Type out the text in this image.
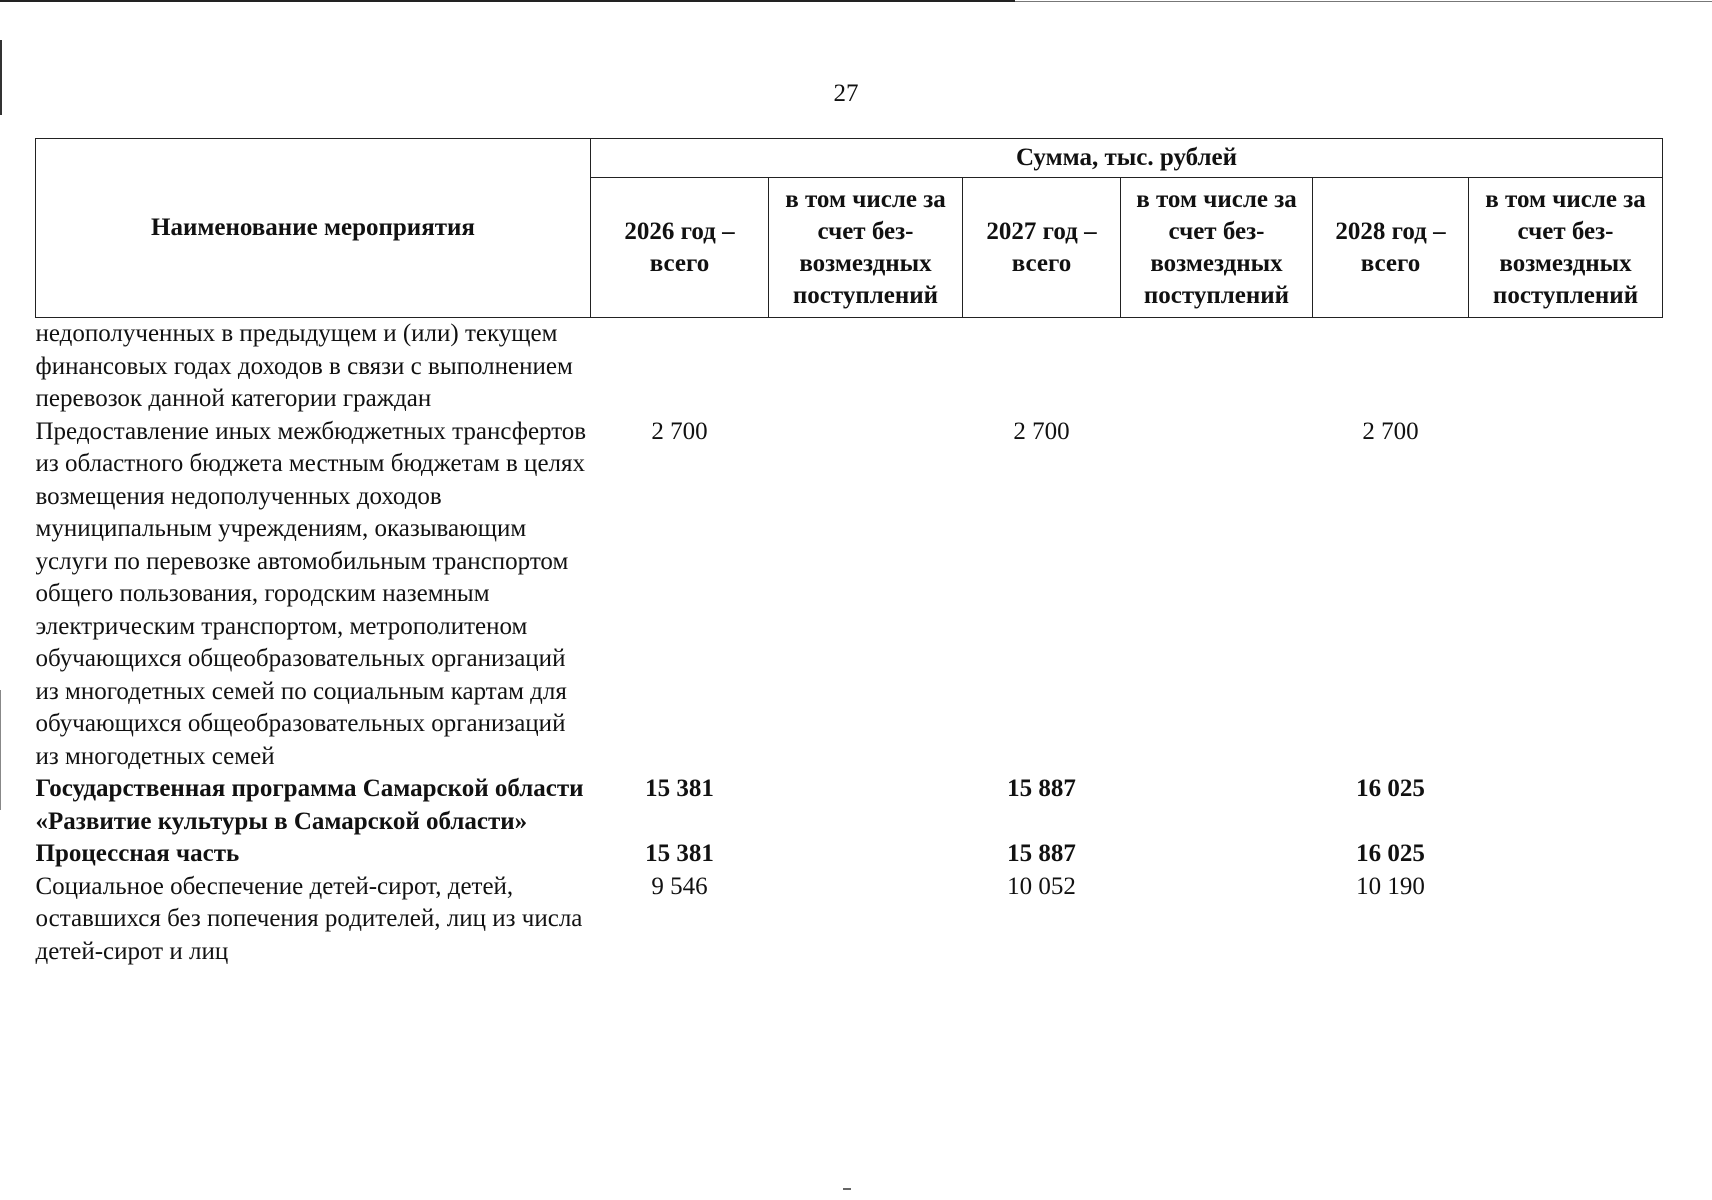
27
Наименование мероприятия	Сумма, тыс. рублей					
	2026 год – всего	в том числе за счет без-возмездных поступлений	2027 год – всего	в том числе за счет без-возмездных поступлений	2028 год – всего	в том числе за счет без-возмездных поступлений
недополученных в предыдущем и (или) текущем финансовых годах доходов в связи с выполнением перевозок данной категории граждан						
Предоставление иных межбюджетных трансфертов из областного бюджета местным бюджетам в целях возмещения недополученных доходов муниципальным учреждениям, оказывающим услуги по перевозке автомобильным транспортом общего пользования, городским наземным электрическим транспортом, метрополитеном обучающихся общеобразовательных организаций из многодетных семей по социальным картам для обучающихся общеобразовательных организаций из многодетных семей	2 700		2 700		2 700	
Государственная программа Самарской области «Развитие культуры в Самарской области»	15 381		15 887		16 025	
Процессная часть	15 381		15 887		16 025	
Социальное обеспечение детей-сирот, детей, оставшихся без попечения родителей, лиц из числа детей-сирот и лиц	9 546		10 052		10 190	
